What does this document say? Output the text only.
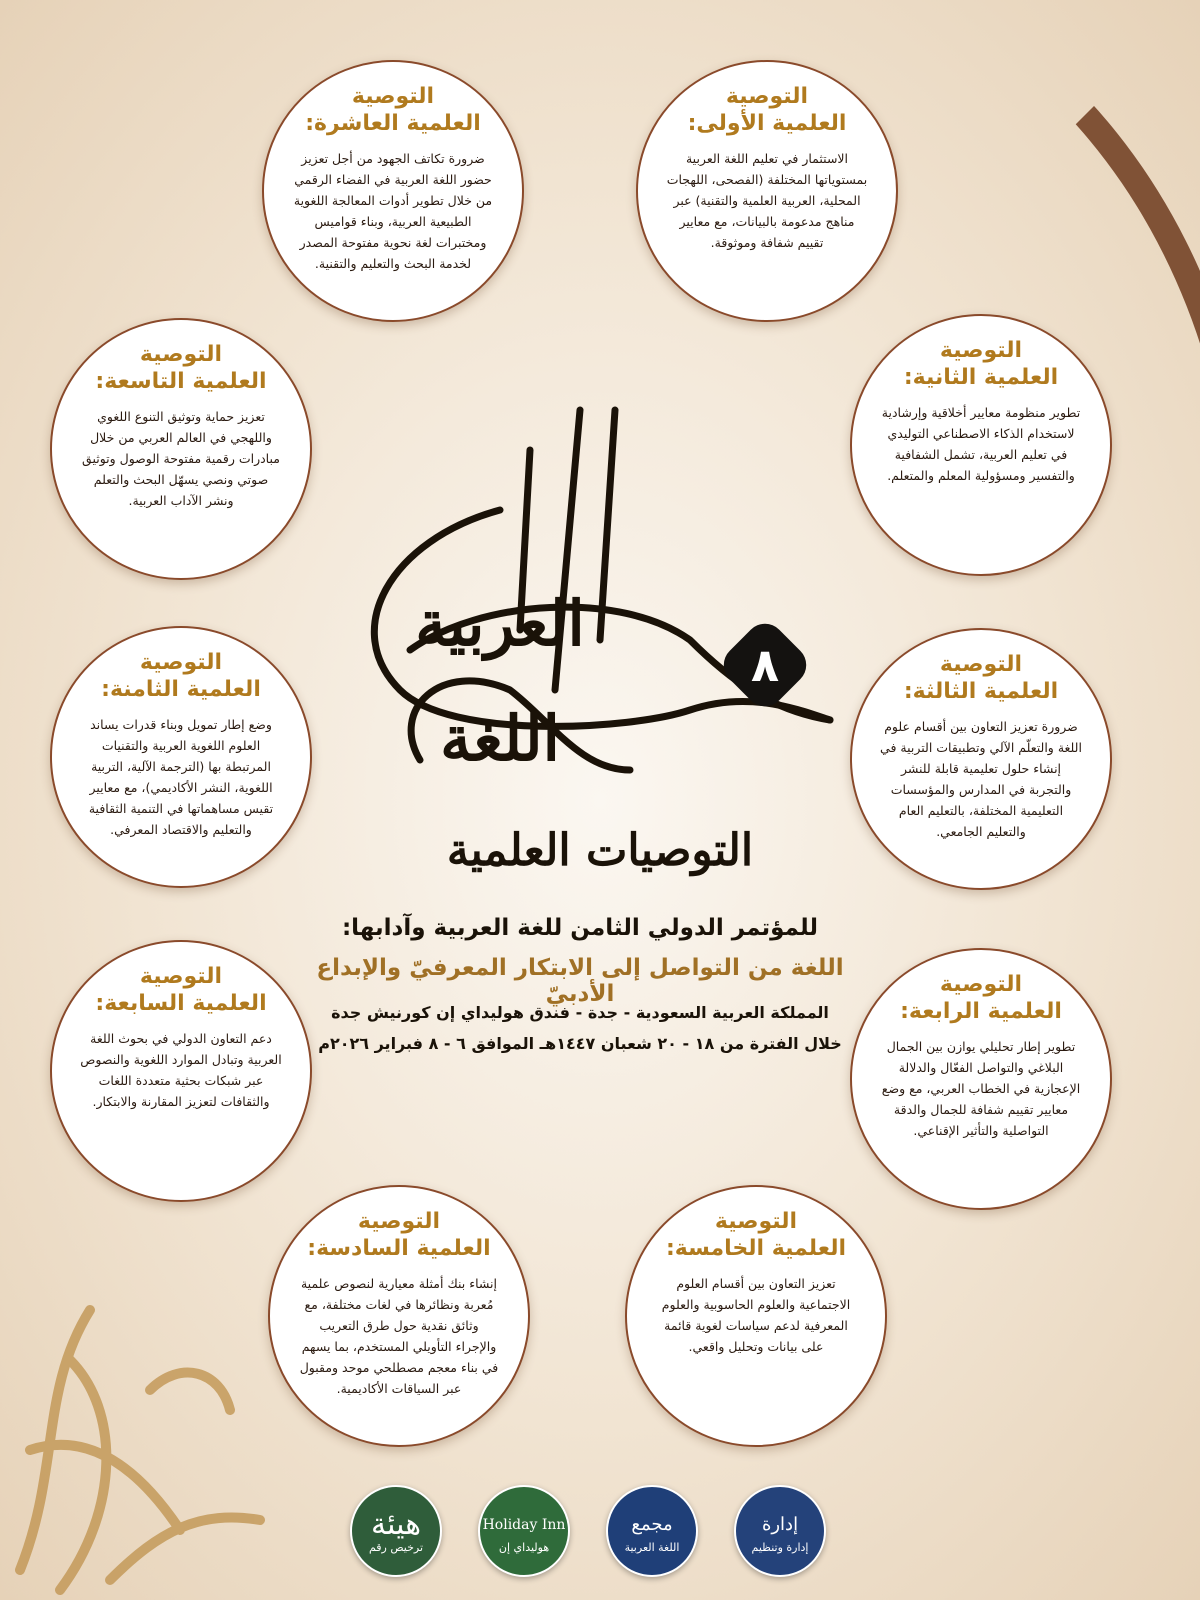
التوصية
العلمية الأولى:
الاستثمار في تعليم اللغة العربية بمستوياتها المختلفة (الفصحى، اللهجات المحلية، العربية العلمية والتقنية) عبر مناهج مدعومة بالبيانات، مع معايير تقييم شفافة وموثوقة.
التوصية
العلمية الثانية:
تطوير منظومة معايير أخلاقية وإرشادية لاستخدام الذكاء الاصطناعي التوليدي في تعليم العربية، تشمل الشفافية والتفسير ومسؤولية المعلم والمتعلم.
التوصية
العلمية الثالثة:
ضرورة تعزيز التعاون بين أقسام علوم اللغة والتعلّم الآلي وتطبيقات التربية في إنشاء حلول تعليمية قابلة للنشر والتجربة في المدارس والمؤسسات التعليمية المختلفة، بالتعليم العام والتعليم الجامعي.
التوصية
العلمية الرابعة:
تطوير إطار تحليلي يوازن بين الجمال البلاغي والتواصل الفعّال والدلالة الإعجازية في الخطاب العربي، مع وضع معايير تقييم شفافة للجمال والدقة التواصلية والتأثير الإقناعي.
التوصية
العلمية الخامسة:
تعزيز التعاون بين أقسام العلوم الاجتماعية والعلوم الحاسوبية والعلوم المعرفية لدعم سياسات لغوية قائمة على بيانات وتحليل واقعي.
التوصية
العلمية السادسة:
إنشاء بنك أمثلة معيارية لنصوص علمية مُعربة ونظائرها في لغات مختلفة، مع وثائق نقدية حول طرق التعريب والإجراء التأويلي المستخدم، بما يسهم في بناء معجم مصطلحي موحد ومقبول عبر السياقات الأكاديمية.
التوصية
العلمية السابعة:
دعم التعاون الدولي في بحوث اللغة العربية وتبادل الموارد اللغوية والنصوص عبر شبكات بحثية متعددة اللغات والثقافات لتعزيز المقارنة والابتكار.
التوصية
العلمية الثامنة:
وضع إطار تمويل وبناء قدرات يساند العلوم اللغوية العربية والتقنيات المرتبطة بها (الترجمة الآلية، التربية اللغوية، النشر الأكاديمي)، مع معايير تقيس مساهماتها في التنمية الثقافية والتعليم والاقتصاد المعرفي.
التوصية
العلمية التاسعة:
تعزيز حماية وتوثيق التنوع اللغوي واللهجي في العالم العربي من خلال مبادرات رقمية مفتوحة الوصول وتوثيق صوتي ونصي يسهّل البحث والتعلم ونشر الآداب العربية.
التوصية
العلمية العاشرة:
ضرورة تكاتف الجهود من أجل تعزيز حضور اللغة العربية في الفضاء الرقمي من خلال تطوير أدوات المعالجة اللغوية الطبيعية العربية، وبناء قواميس ومختبرات لغة نحوية مفتوحة المصدر لخدمة البحث والتعليم والتقنية.
العربية
اللغة
٨
التوصيات العلمية
للمؤتمر الدولي الثامن للغة العربية وآدابها:
اللغة من التواصل إلى الابتكار المعرفيّ والإبداع الأدبيّ
المملكة العربية السعودية - جدة - فندق هوليداي إن كورنيش جدة
خلال الفترة من ١٨ - ٢٠ شعبان ١٤٤٧هـ الموافق ٦ - ٨ فبراير ٢٠٢٦م
هيئة
ترخيص رقم
Holiday Inn
هوليداي إن
مجمع
اللغة العربية
إدارة
إدارة وتنظيم
